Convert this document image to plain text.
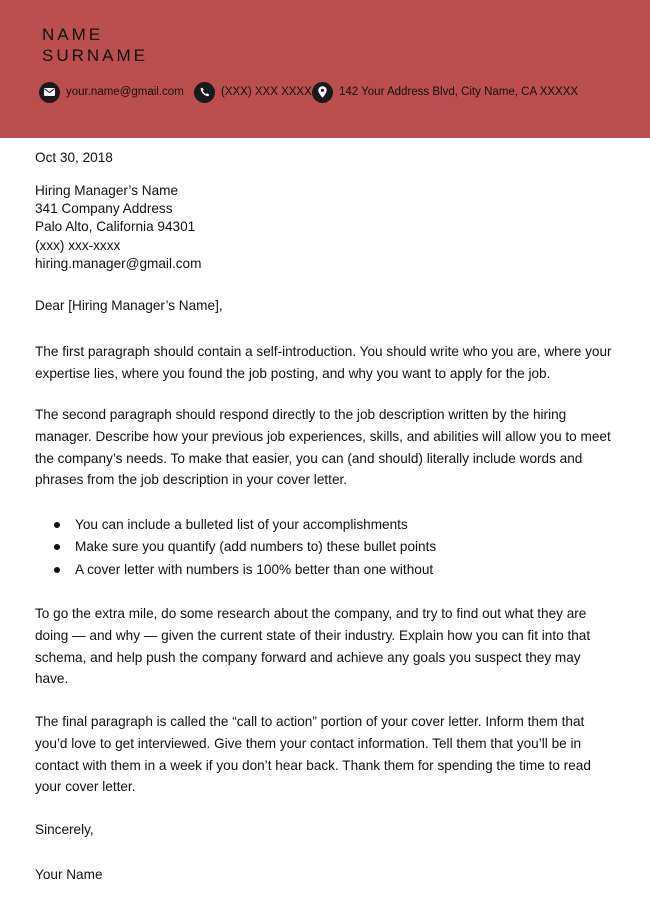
NAME
SURNAME
your.name@gmail.com	(XXX) XXX XXXX 142 Your Address Blvd, City Name, CA XXXXX
Oct 30, 2018
Hiring Manager’s Name
341 Company Address
Palo Alto, California 94301
(xxx) xxx-xxxx
hiring.manager@gmail.com
Dear [Hiring Manager’s Name],
The first paragraph should contain a self-introduction. You should write who you are, where your expertise lies, where you found the job posting, and why you want to apply for the job.
The second paragraph should respond directly to the job description written by the hiring manager. Describe how your previous job experiences, skills, and abilities will allow you to meet the company’s needs. To make that easier, you can (and should) literally include words and phrases from the job description in your cover letter.
You can include a bulleted list of your accomplishments
Make sure you quantify (add numbers to) these bullet points
A cover letter with numbers is 100% better than one without
To go the extra mile, do some research about the company, and try to find out what they are doing — and why — given the current state of their industry. Explain how you can fit into that schema, and help push the company forward and achieve any goals you suspect they may have.
The final paragraph is called the “call to action” portion of your cover letter. Inform them that you’d love to get interviewed. Give them your contact information. Tell them that you’ll be in contact with them in a week if you don’t hear back. Thank them for spending the time to read your cover letter.
Sincerely,
Your Name
